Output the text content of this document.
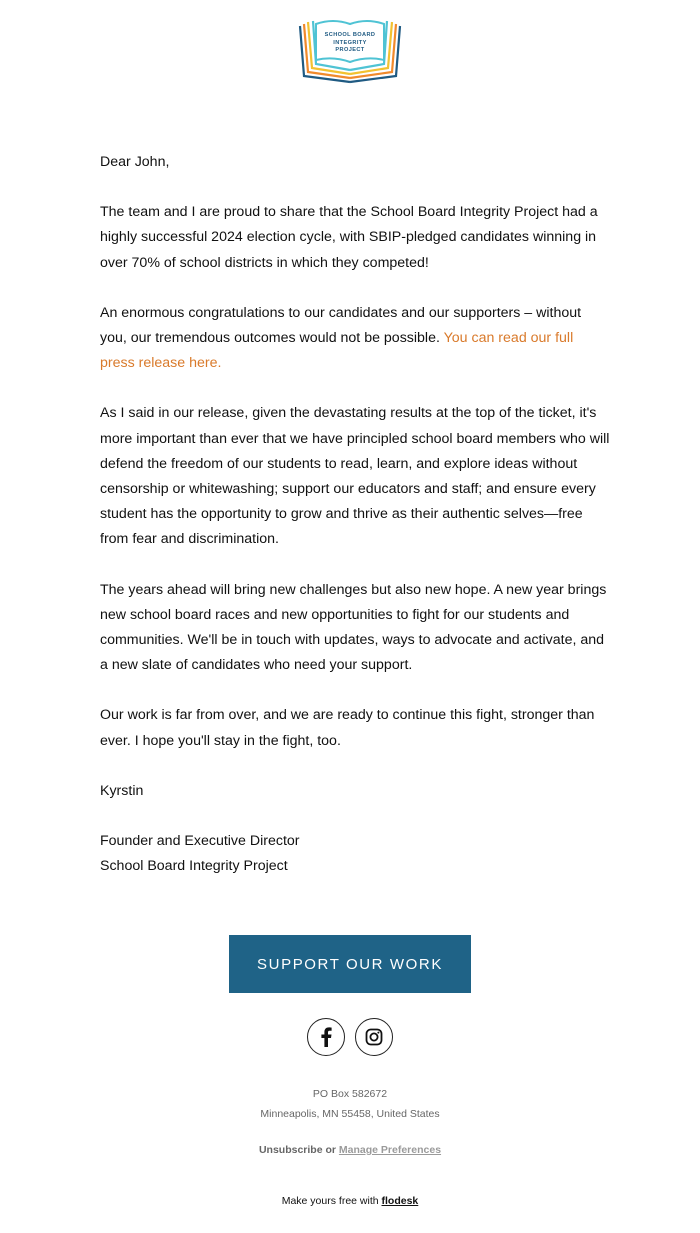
SCHOOL BOARD
INTEGRITY
PROJECT

Dear John,

The team and I are proud to share that the School Board Integrity Project had a highly successful 2024 election cycle, with SBIP-pledged candidates winning in over 70% of school districts in which they competed!

An enormous congratulations to our candidates and our supporters – without you, our tremendous outcomes would not be possible. You can read our full press release here.

As I said in our release, given the devastating results at the top of the ticket, it's more important than ever that we have principled school board members who will defend the freedom of our students to read, learn, and explore ideas without censorship or whitewashing; support our educators and staff; and ensure every student has the opportunity to grow and thrive as their authentic selves—free from fear and discrimination.

The years ahead will bring new challenges but also new hope. A new year brings new school board races and new opportunities to fight for our students and communities. We'll be in touch with updates, ways to advocate and activate, and a new slate of candidates who need your support.

Our work is far from over, and we are ready to continue this fight, stronger than ever. I hope you'll stay in the fight, too.

Kyrstin

Founder and Executive Director
School Board Integrity Project

SUPPORT OUR WORK
PO Box 582672
Minneapolis, MN 55458, United States
Unsubscribe or Manage Preferences
Make yours free with flodesk
